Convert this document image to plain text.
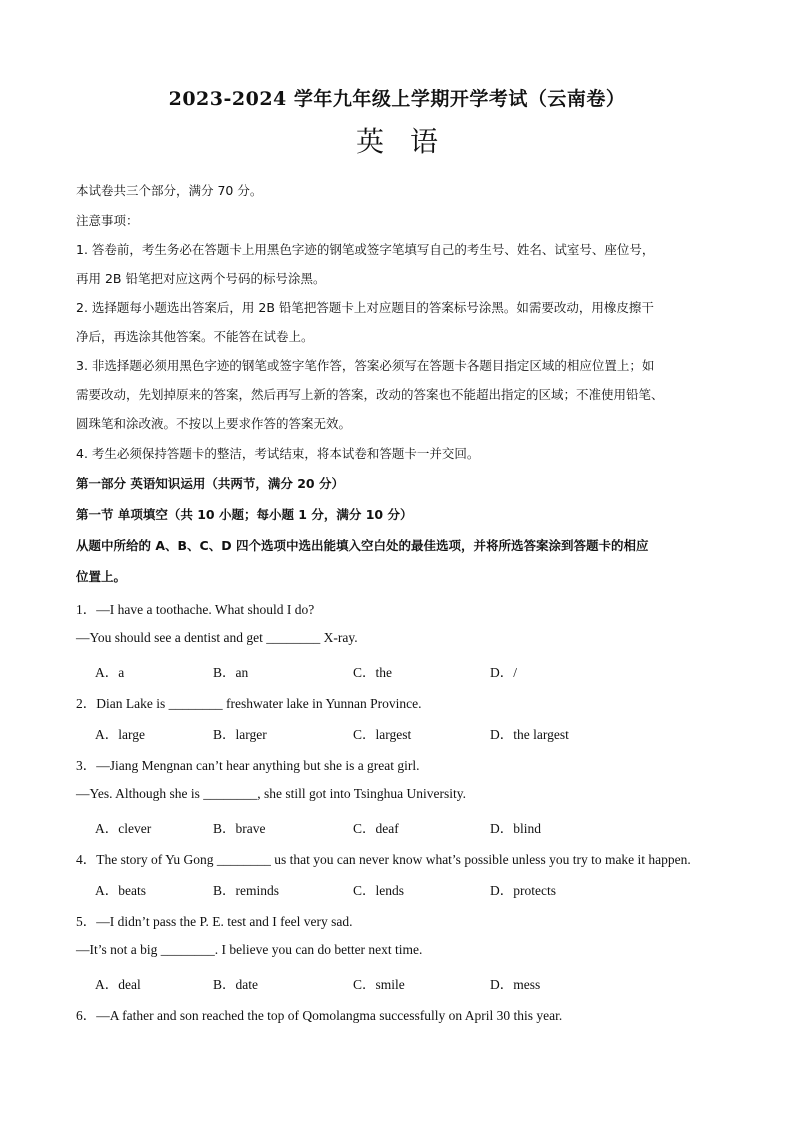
2023-2024 学年九年级上学期开学考试（云南卷）
英语
本试卷共三个部分，满分 70 分。
注意事项：
1. 答卷前，考生务必在答题卡上用黑色字迹的钢笔或签字笔填写自己的考生号、姓名、试室号、座位号，
再用 2B 铅笔把对应这两个号码的标号涂黑。
2. 选择题每小题选出答案后，用 2B 铅笔把答题卡上对应题目的答案标号涂黑。如需要改动，用橡皮擦干
净后，再选涂其他答案。不能答在试卷上。
3. 非选择题必须用黑色字迹的钢笔或签字笔作答，答案必须写在答题卡各题目指定区域的相应位置上；如
需要改动，先划掉原来的答案，然后再写上新的答案，改动的答案也不能超出指定的区域；不准使用铅笔、
圆珠笔和涂改液。不按以上要求作答的答案无效。
4. 考生必须保持答题卡的整洁，考试结束，将本试卷和答题卡一并交回。
第一部分 英语知识运用（共两节，满分 20 分）
第一节 单项填空（共 10 小题；每小题 1 分，满分 10 分）
从题中所给的 A、B、C、D 四个选项中选出能填入空白处的最佳选项，并将所选答案涂到答题卡的相应
位置上。
1．—I have a toothache. What should I do?
—You should see a dentist and get ________ X-ray.
A．a	B．an	C．the	D．/
2．Dian Lake is ________ freshwater lake in Yunnan Province.
A．large	B．larger	C．largest	D．the largest
3．—Jiang Mengnan can’t hear anything but she is a great girl.
—Yes. Although she is ________, she still got into Tsinghua University.
A．clever	B．brave	C．deaf	D．blind
4．The story of Yu Gong ________ us that you can never know what’s possible unless you try to make it happen.
A．beats	B．reminds	C．lends	D．protects
5．—I didn’t pass the P. E. test and I feel very sad.
—It’s not a big ________. I believe you can do better next time.
A．deal	B．date	C．smile	D．mess
6．—A father and son reached the top of Qomolangma successfully on April 30 this year.
